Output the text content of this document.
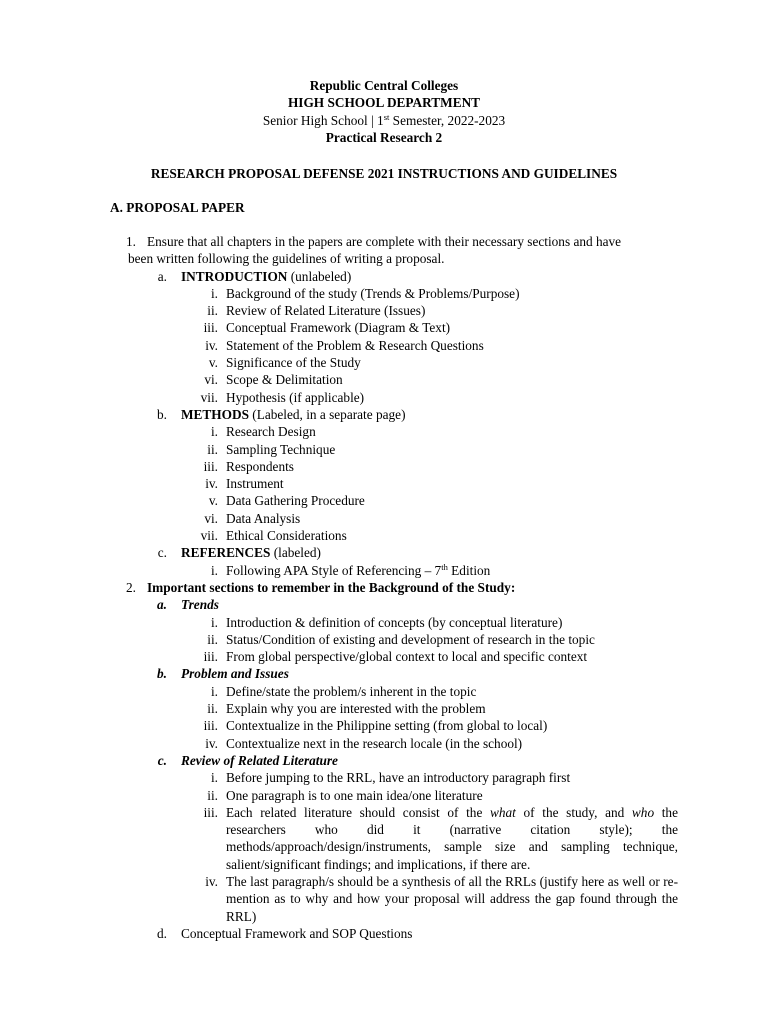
Republic Central Colleges
HIGH SCHOOL DEPARTMENT
Senior High School | 1st Semester, 2022-2023
Practical Research 2
RESEARCH PROPOSAL DEFENSE 2021 INSTRUCTIONS AND GUIDELINES
A. PROPOSAL PAPER
1. Ensure that all chapters in the papers are complete with their necessary sections and have
been written following the guidelines of writing a proposal.
a. INTRODUCTION (unlabeled)
i. Background of the study (Trends & Problems/Purpose)
ii. Review of Related Literature (Issues)
iii. Conceptual Framework (Diagram & Text)
iv. Statement of the Problem & Research Questions
v. Significance of the Study
vi. Scope & Delimitation
vii. Hypothesis (if applicable)
b. METHODS (Labeled, in a separate page)
i. Research Design
ii. Sampling Technique
iii. Respondents
iv. Instrument
v. Data Gathering Procedure
vi. Data Analysis
vii. Ethical Considerations
c. REFERENCES (labeled)
i. Following APA Style of Referencing – 7th Edition
2. Important sections to remember in the Background of the Study:
a. Trends
i. Introduction & definition of concepts (by conceptual literature)
ii. Status/Condition of existing and development of research in the topic
iii. From global perspective/global context to local and specific context
b. Problem and Issues
i. Define/state the problem/s inherent in the topic
ii. Explain why you are interested with the problem
iii. Contextualize in the Philippine setting (from global to local)
iv. Contextualize next in the research locale (in the school)
c. Review of Related Literature
i. Before jumping to the RRL, have an introductory paragraph first
ii. One paragraph is to one main idea/one literature
iii. Each related literature should consist of the what of the study, and who the researchers who did it (narrative citation style); the methods/approach/design/instruments, sample size and sampling technique, salient/significant findings; and implications, if there are.
iv. The last paragraph/s should be a synthesis of all the RRLs (justify here as well or re-mention as to why and how your proposal will address the gap found through the RRL)
d. Conceptual Framework and SOP Questions
